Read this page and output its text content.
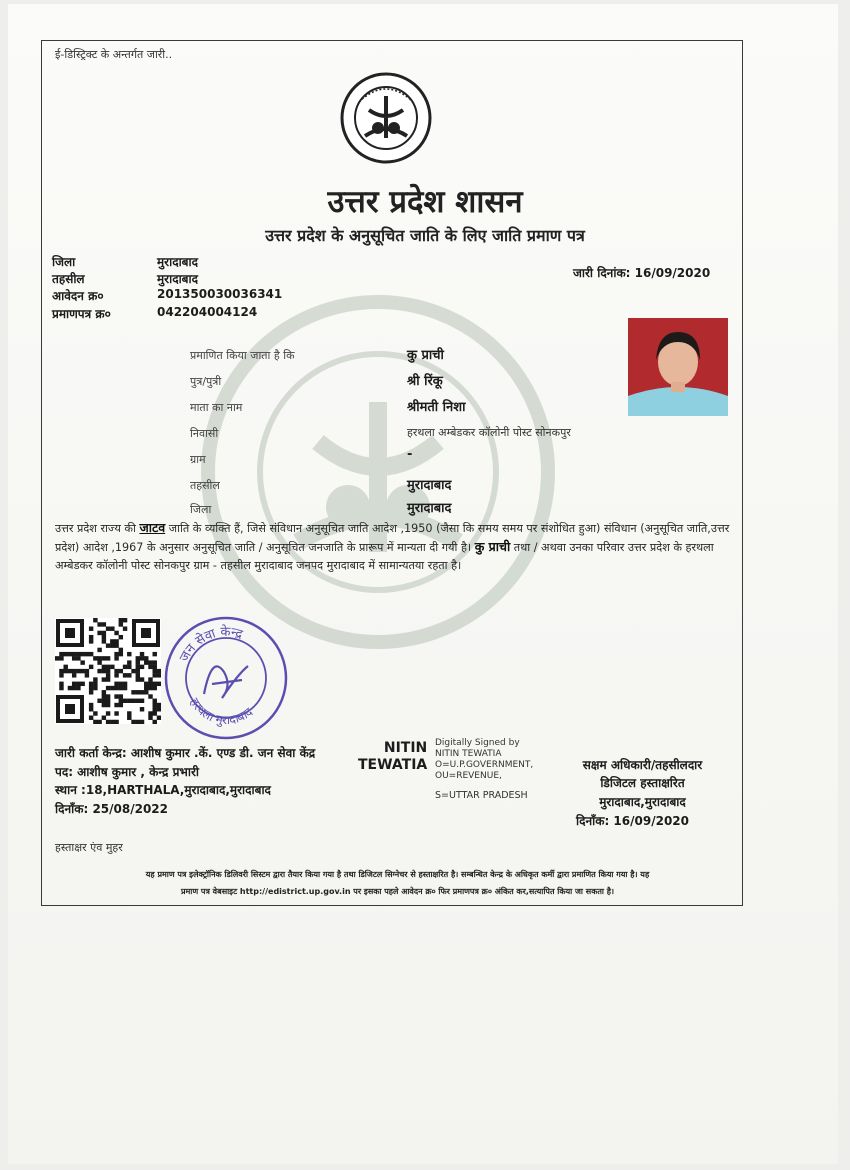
ई-डिस्ट्रिक्ट के अन्तर्गत जारी..
उत्तर प्रदेश शासन
उत्तर प्रदेश के अनुसूचित जाति के लिए जाति प्रमाण पत्र
जिला	मुरादाबाद
तहसील	मुरादाबाद
आवेदन क्र०	201350030036341
प्रमाणपत्र क्र०	042204004124
जारी दिनांक: 16/09/2020
प्रमाणित किया जाता है कि	कु प्राची
पुत्र/पुत्री	श्री रिंकू
माता का नाम	श्रीमती निशा
निवासी	हरथला अम्बेडकर कॉलोनी पोस्ट सोनकपुर
ग्राम	-
तहसील	मुरादाबाद
जिला	मुरादाबाद
उत्तर प्रदेश राज्य की जाटव जाति के व्यक्ति हैं, जिसे संविधान अनुसूचित जाति आदेश ,1950 (जैसा कि समय समय पर संशोधित हुआ) संविधान (अनुसूचित जाति,उत्तर प्रदेश) आदेश ,1967 के अनुसार अनुसूचित जाति / अनुसूचित जनजाति के प्रारूप में मान्यता दी गयी है। कु प्राची तथा / अथवा उनका परिवार उत्तर प्रदेश के हरथला अम्बेडकर कॉलोनी पोस्ट सोनकपुर ग्राम - तहसील मुरादाबाद जनपद मुरादाबाद में सामान्यतया रहता है।
जन सेवा केन्द्र
हरथला मुरादाबाद
जारी कर्ता केन्द्र: आशीष कुमार .कें. एण्ड डी. जन सेवा केंद्र
पद: आशीष कुमार , केन्द्र प्रभारी
स्थान :18,HARTHALA,मुरादाबाद,मुरादाबाद
दिनाँक: 25/08/2022
NITIN
TEWATIA
Digitally Signed by
NITIN TEWATIA
O=U.P.GOVERNMENT,
OU=REVENUE,
S=UTTAR PRADESH
सक्षम अधिकारी/तहसीलदार
डिजिटल हस्ताक्षरित
मुरादाबाद,मुरादाबाद
दिनाँक: 16/09/2020
हस्ताक्षर एंव मुहर
यह प्रमाण पत्र इलेक्ट्रॉनिक डिलिवरी सिस्टम द्वारा तैयार किया गया है तथा डिजिटल सिग्नेचर से हस्ताक्षरित है। सम्बन्धित केन्द्र के अधिकृत कर्मी द्वारा प्रमाणित किया गया है। यह
प्रमाण पत्र वेबसाइट http://edistrict.up.gov.in पर इसका पहले आवेदन क्र० फिर प्रमाणपत्र क्र० अंकित कर,सत्यापित किया जा सकता है।
